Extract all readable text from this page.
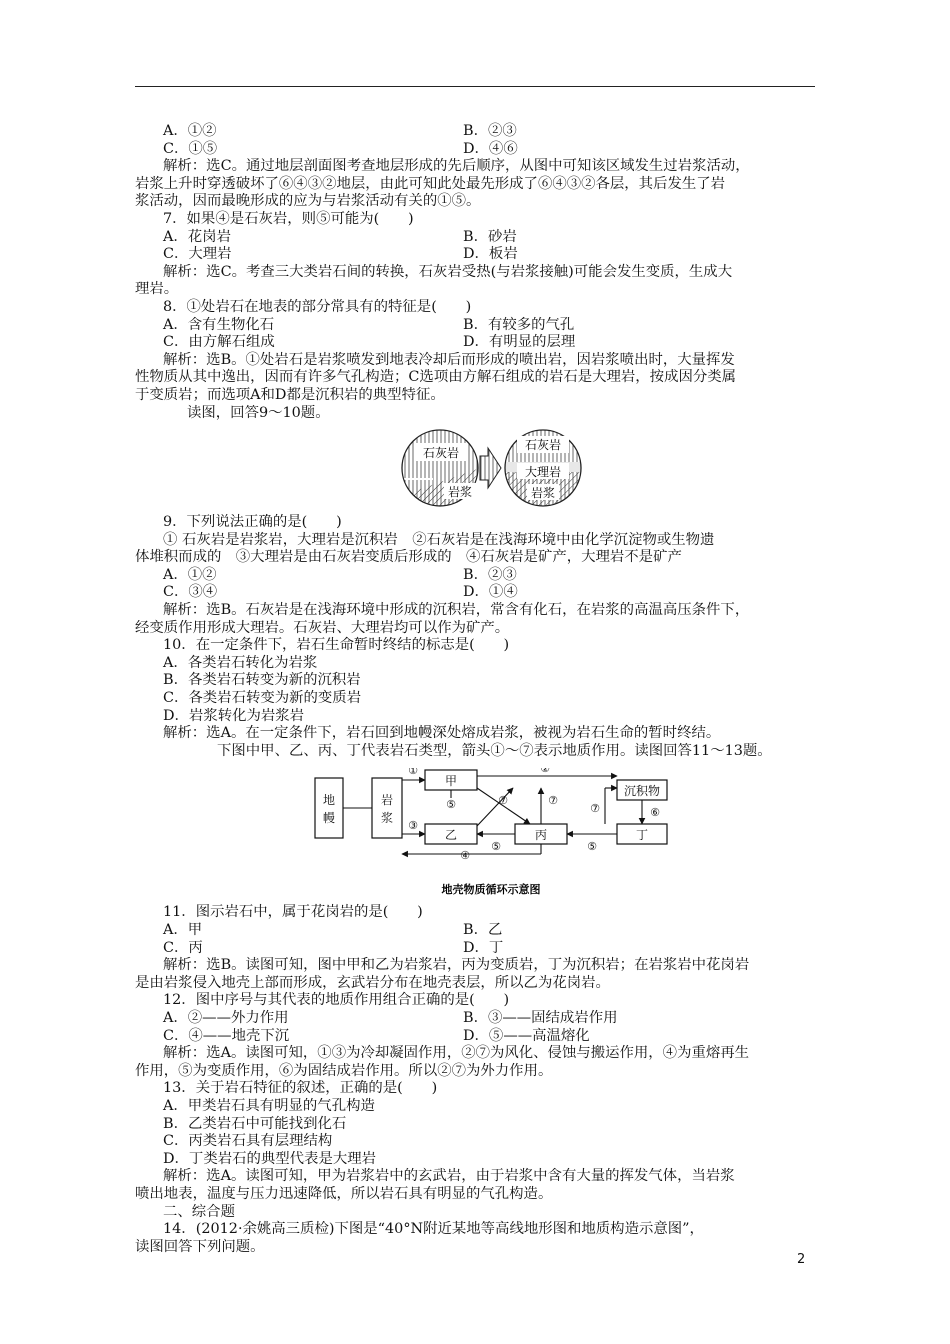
A．①②	B．②③
C．①⑤	D．④⑥

解析：选C。通过地层剖面图考查地层形成的先后顺序，从图中可知该区域发生过岩浆活动，

岩浆上升时穿透破坏了⑥④③②地层，由此可知此处最先形成了⑥④③②各层，其后发生了岩

浆活动，因而最晚形成的应为与岩浆活动有关的①⑤。

7．如果④是石灰岩，则⑤可能为(　　)

A．花岗岩	B．砂岩
C．大理岩	D．板岩

解析：选C。考查三大类岩石间的转换，石灰岩受热(与岩浆接触)可能会发生变质，生成大

理岩。

8．①处岩石在地表的部分常具有的特征是(　　)

A．含有生物化石	B．有较多的气孔
C．由方解石组成	D．有明显的层理

解析：选B。①处岩石是岩浆喷发到地表冷却后而形成的喷出岩，因岩浆喷出时，大量挥发

性物质从其中逸出，因而有许多气孔构造；C选项由方解石组成的岩石是大理岩，按成因分类属

于变质岩；而选项A和D都是沉积岩的典型特征。

读图，回答9～10题。

石灰岩
岩浆
石灰岩
大理岩
岩浆

9．下列说法正确的是(　　)

① 石灰岩是岩浆岩，大理岩是沉积岩　②石灰岩是在浅海环境中由化学沉淀物或生物遗

体堆积而成的　③大理岩是由石灰岩变质后形成的　④石灰岩是矿产，大理岩不是矿产

A．①②	B．②③
C．③④	D．①④

解析：选B。石灰岩是在浅海环境中形成的沉积岩，常含有化石，在岩浆的高温高压条件下，

经变质作用形成大理岩。石灰岩、大理岩均可以作为矿产。

10．在一定条件下，岩石生命暂时终结的标志是(　　)

A．各类岩石转化为岩浆

B．各类岩石转变为新的沉积岩

C．各类岩石转变为新的变质岩

D．岩浆转化为岩浆岩

解析：选A。在一定条件下，岩石回到地幔深处熔成岩浆，被视为岩石生命的暂时终结。

下图中甲、乙、丙、丁代表岩石类型，箭头①～⑦表示地质作用。读图回答11～13题。

地
幔
岩
浆
甲
乙	丙
沉积物
丁
①	②
③
④
⑤
⑤	⑤
⑥
⑦	⑦
⑦
地壳物质循环示意图

11．图示岩石中，属于花岗岩的是(　　)

A．甲	B．乙
C．丙	D．丁

解析：选B。读图可知，图中甲和乙为岩浆岩，丙为变质岩，丁为沉积岩；在岩浆岩中花岗岩

是由岩浆侵入地壳上部而形成，玄武岩分布在地壳表层，所以乙为花岗岩。

12．图中序号与其代表的地质作用组合正确的是(　　)

A．②——外力作用	B．③——固结成岩作用
C．④——地壳下沉	D．⑤——高温熔化

解析：选A。读图可知，①③为冷却凝固作用，②⑦为风化、侵蚀与搬运作用，④为重熔再生

作用，⑤为变质作用，⑥为固结成岩作用。所以②⑦为外力作用。

13．关于岩石特征的叙述，正确的是(　　)

A．甲类岩石具有明显的气孔构造

B．乙类岩石中可能找到化石

C．丙类岩石具有层理结构

D．丁类岩石的典型代表是大理岩

解析：选A。读图可知，甲为岩浆岩中的玄武岩，由于岩浆中含有大量的挥发气体，当岩浆

喷出地表，温度与压力迅速降低，所以岩石具有明显的气孔构造。

二、综合题

14．(2012·余姚高三质检)下图是“40°N附近某地等高线地形图和地质构造示意图”，

读图回答下列问题。

2
